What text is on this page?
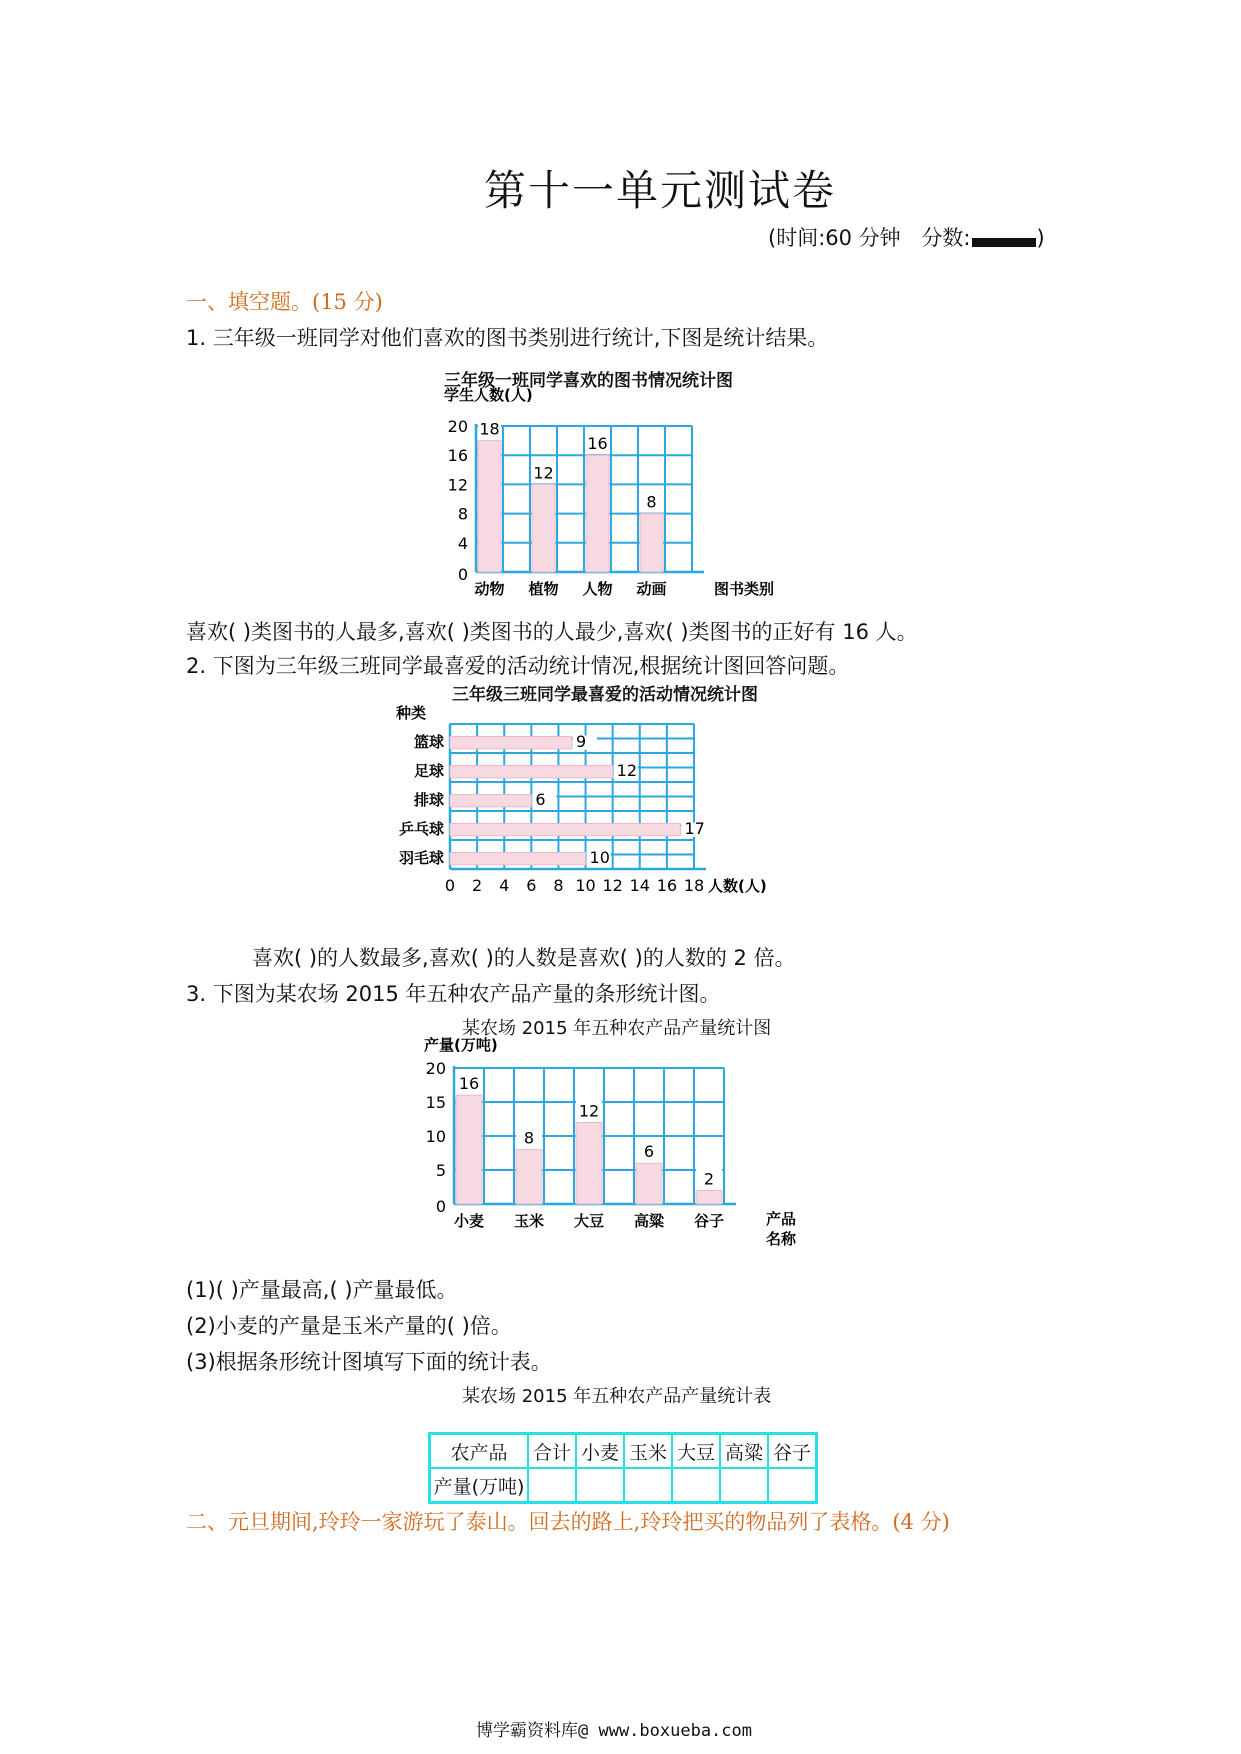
第十一单元测试卷
(时间:60 分钟 分数:	)
一、填空题。(15 分)
1. 三年级一班同学对他们喜欢的图书类别进行统计,下图是统计结果。
三年级一班同学喜欢的图书情况统计图
学生人数(人)
0
4
8
12
16
20 18
动物
12
植物
16
人物
8
动画	图书类别
喜欢( )类图书的人最多,喜欢( )类图书的人最少,喜欢( )类图书的正好有 16 人。
2. 下图为三年级三班同学最喜爱的活动统计情况,根据统计图回答问题。
三年级三班同学最喜爱的活动情况统计图
种类
0 2 4 6 8 10 12 14 16 18 人数(人)
9
篮球
12
足球
6
排球
17
乒乓球
10
羽毛球
喜欢( )的人数最多,喜欢( )的人数是喜欢( )的人数的 2 倍。
3. 下图为某农场 2015 年五种农产品产量的条形统计图。
某农场 2015 年五种农产品产量统计图
产量(万吨)
0
5
10
15
20
16
小麦
8
玉米
12
大豆
6
高粱
2
谷子	产品
名称
(1)( )产量最高,( )产量最低。
(2)小麦的产量是玉米产量的( )倍。
(3)根据条形统计图填写下面的统计表。
某农场 2015 年五种农产品产量统计表
农产品	合计	小麦	玉米	大豆	高粱	谷子
产量(万吨)						
二、元旦期间,玲玲一家游玩了泰山。回去的路上,玲玲把买的物品列了表格。(4 分)
博学霸资料库@ www.boxueba.com
